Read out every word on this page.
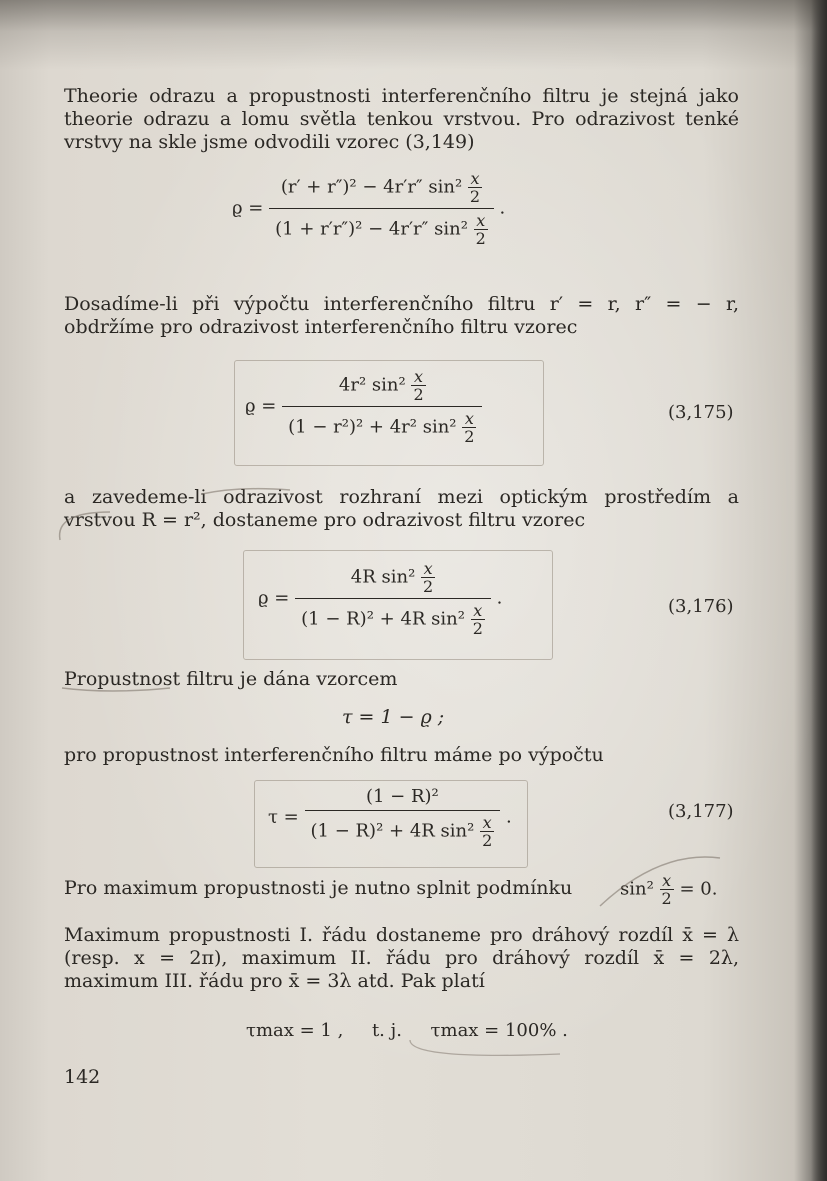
Theorie odrazu a propustnosti interferenčního filtru je stejná jako theorie odrazu a lomu světla tenkou vrstvou. Pro odrazivost tenké vrstvy na skle jsme odvodili vzorec (3,149)
$ϱ = \frac{(r' + r'')^2 - 4r'r'' \sin^2 \frac{x}{2}}{(1 + r'r'')^2 - 4r'r'' \sin^2 \frac{x}{2}}$ .
Dosadíme-li při výpočtu interferenčního filtru r′ = r, r″ = − r, obdržíme pro odrazivost interferenčního filtru vzorec
$ϱ = \frac{4r^2 \sin^2 \frac{x}{2}}{(1 - r^2)^2 + 4r^2 \sin^2 \frac{x}{2}}$	(3,175)
a zavedeme-li odrazivost rozhraní mezi optickým prostředím a vrstvou R = r², dostaneme pro odrazivost filtru vzorec
$ϱ = \frac{4R \sin^2 \frac{x}{2}}{(1 - R)^2 + 4R \sin^2 \frac{x}{2}}$ .	(3,176)
Propustnost filtru je dána vzorcem
τ = 1 − ϱ ;
pro propustnost interferenčního filtru máme po výpočtu
$\tau = \frac{\text{(1 − R)²}}{(1 - R)^2 + 4R \sin^2 \frac{x}{2}}$ .	(3,177)
Pro maximum propustnosti je nutno splnit podmínku	$\sin^2 \frac{x}{2} = 0$.
Maximum propustnosti I. řádu dostaneme pro dráhový rozdíl x̄ = λ (resp. x = 2π), maximum II. řádu pro dráhový rozdíl x̄ = 2λ, maximum III. řádu pro x̄ = 3λ atd. Pak platí
τmax = 1 , t. j. τmax = 100% .
142
